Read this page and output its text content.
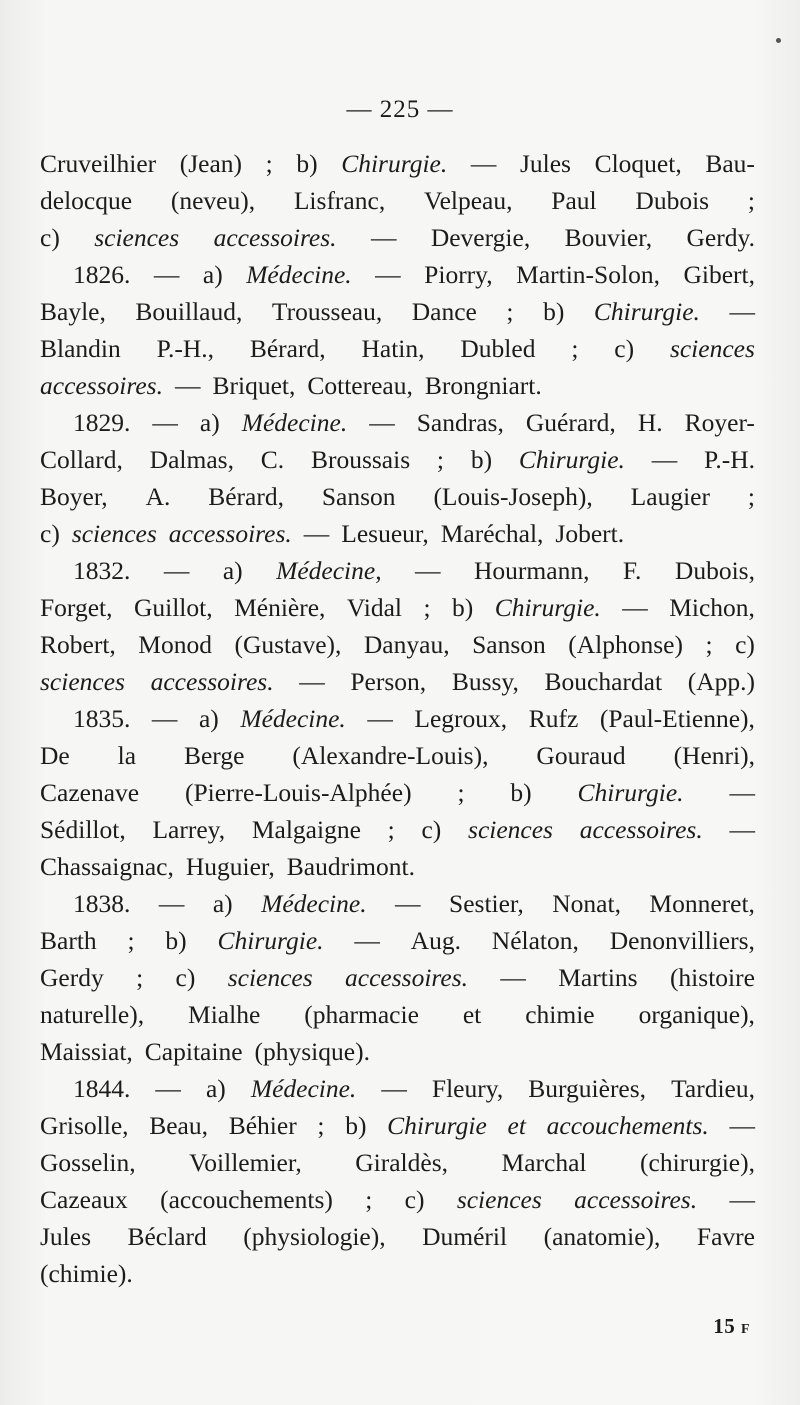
— 225 —
Cruveilhier (Jean) ; b) Chirurgie. — Jules Cloquet, Bau-
delocque (neveu), Lisfranc, Velpeau, Paul Dubois ;
c) sciences accessoires. — Devergie, Bouvier, Gerdy.
1826. — a) Médecine. — Piorry, Martin-Solon, Gibert,
Bayle, Bouillaud, Trousseau, Dance ; b) Chirurgie. —
Blandin P.-H., Bérard, Hatin, Dubled ; c) sciences
accessoires. — Briquet, Cottereau, Brongniart.
1829. — a) Médecine. — Sandras, Guérard, H. Royer-
Collard, Dalmas, C. Broussais ; b) Chirurgie. — P.-H.
Boyer, A. Bérard, Sanson (Louis-Joseph), Laugier ;
c) sciences accessoires. — Lesueur, Maréchal, Jobert.
1832. — a) Médecine, — Hourmann, F. Dubois,
Forget, Guillot, Ménière, Vidal ; b) Chirurgie. — Michon,
Robert, Monod (Gustave), Danyau, Sanson (Alphonse) ; c)
sciences accessoires. — Person, Bussy, Bouchardat (App.)
1835. — a) Médecine. — Legroux, Rufz (Paul-Etienne),
De la Berge (Alexandre-Louis), Gouraud (Henri),
Cazenave (Pierre-Louis-Alphée) ; b) Chirurgie. —
Sédillot, Larrey, Malgaigne ; c) sciences accessoires. —
Chassaignac, Huguier, Baudrimont.
1838. — a) Médecine. — Sestier, Nonat, Monneret,
Barth ; b) Chirurgie. — Aug. Nélaton, Denonvilliers,
Gerdy ; c) sciences accessoires. — Martins (histoire
naturelle), Mialhe (pharmacie et chimie organique),
Maissiat, Capitaine (physique).
1844. — a) Médecine. — Fleury, Burguières, Tardieu,
Grisolle, Beau, Béhier ; b) Chirurgie et accouchements. —
Gosselin, Voillemier, Giraldès, Marchal (chirurgie),
Cazeaux (accouchements) ; c) sciences accessoires. —
Jules Béclard (physiologie), Duméril (anatomie), Favre
(chimie).
15 F
